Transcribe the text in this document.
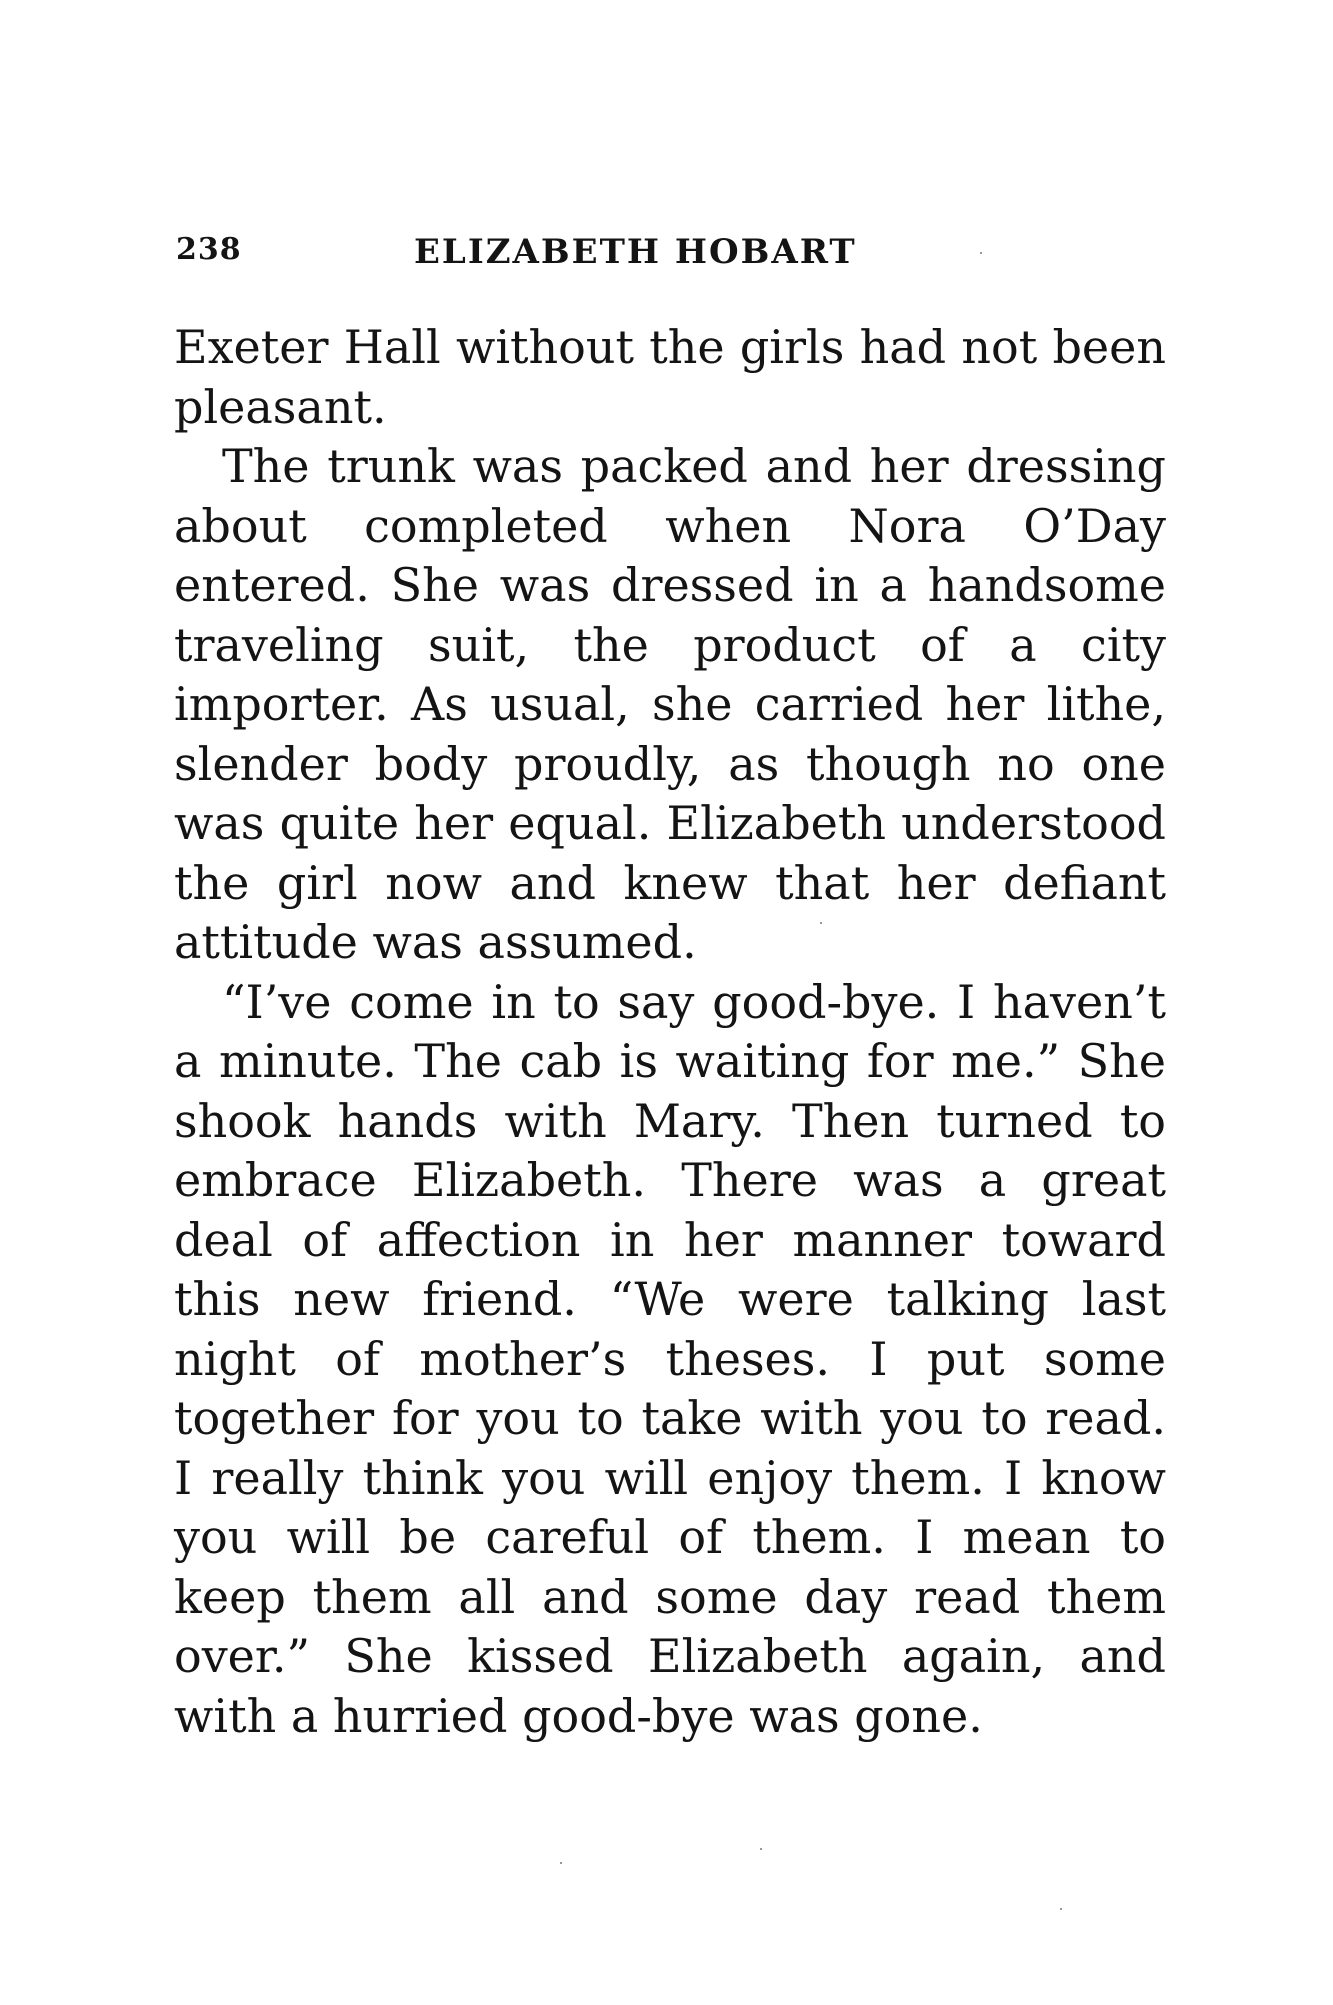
238	ELIZABETH HOBART

Exeter Hall without the girls had not been pleasant.

The trunk was packed and her dressing about completed when Nora O’Day entered. She was dressed in a handsome traveling suit, the product of a city importer. As usual, she carried her lithe, slender body proudly, as though no one was quite her equal. Elizabeth understood the girl now and knew that her defiant attitude was assumed.

“I’ve come in to say good-bye. I haven’t a minute. The cab is waiting for me.” She shook hands with Mary. Then turned to embrace Elizabeth. There was a great deal of affection in her manner toward this new friend. “We were talking last night of mother’s theses. I put some together for you to take with you to read. I really think you will enjoy them. I know you will be careful of them. I mean to keep them all and some day read them over.” She kissed Elizabeth again, and with a hurried good-bye was gone.
